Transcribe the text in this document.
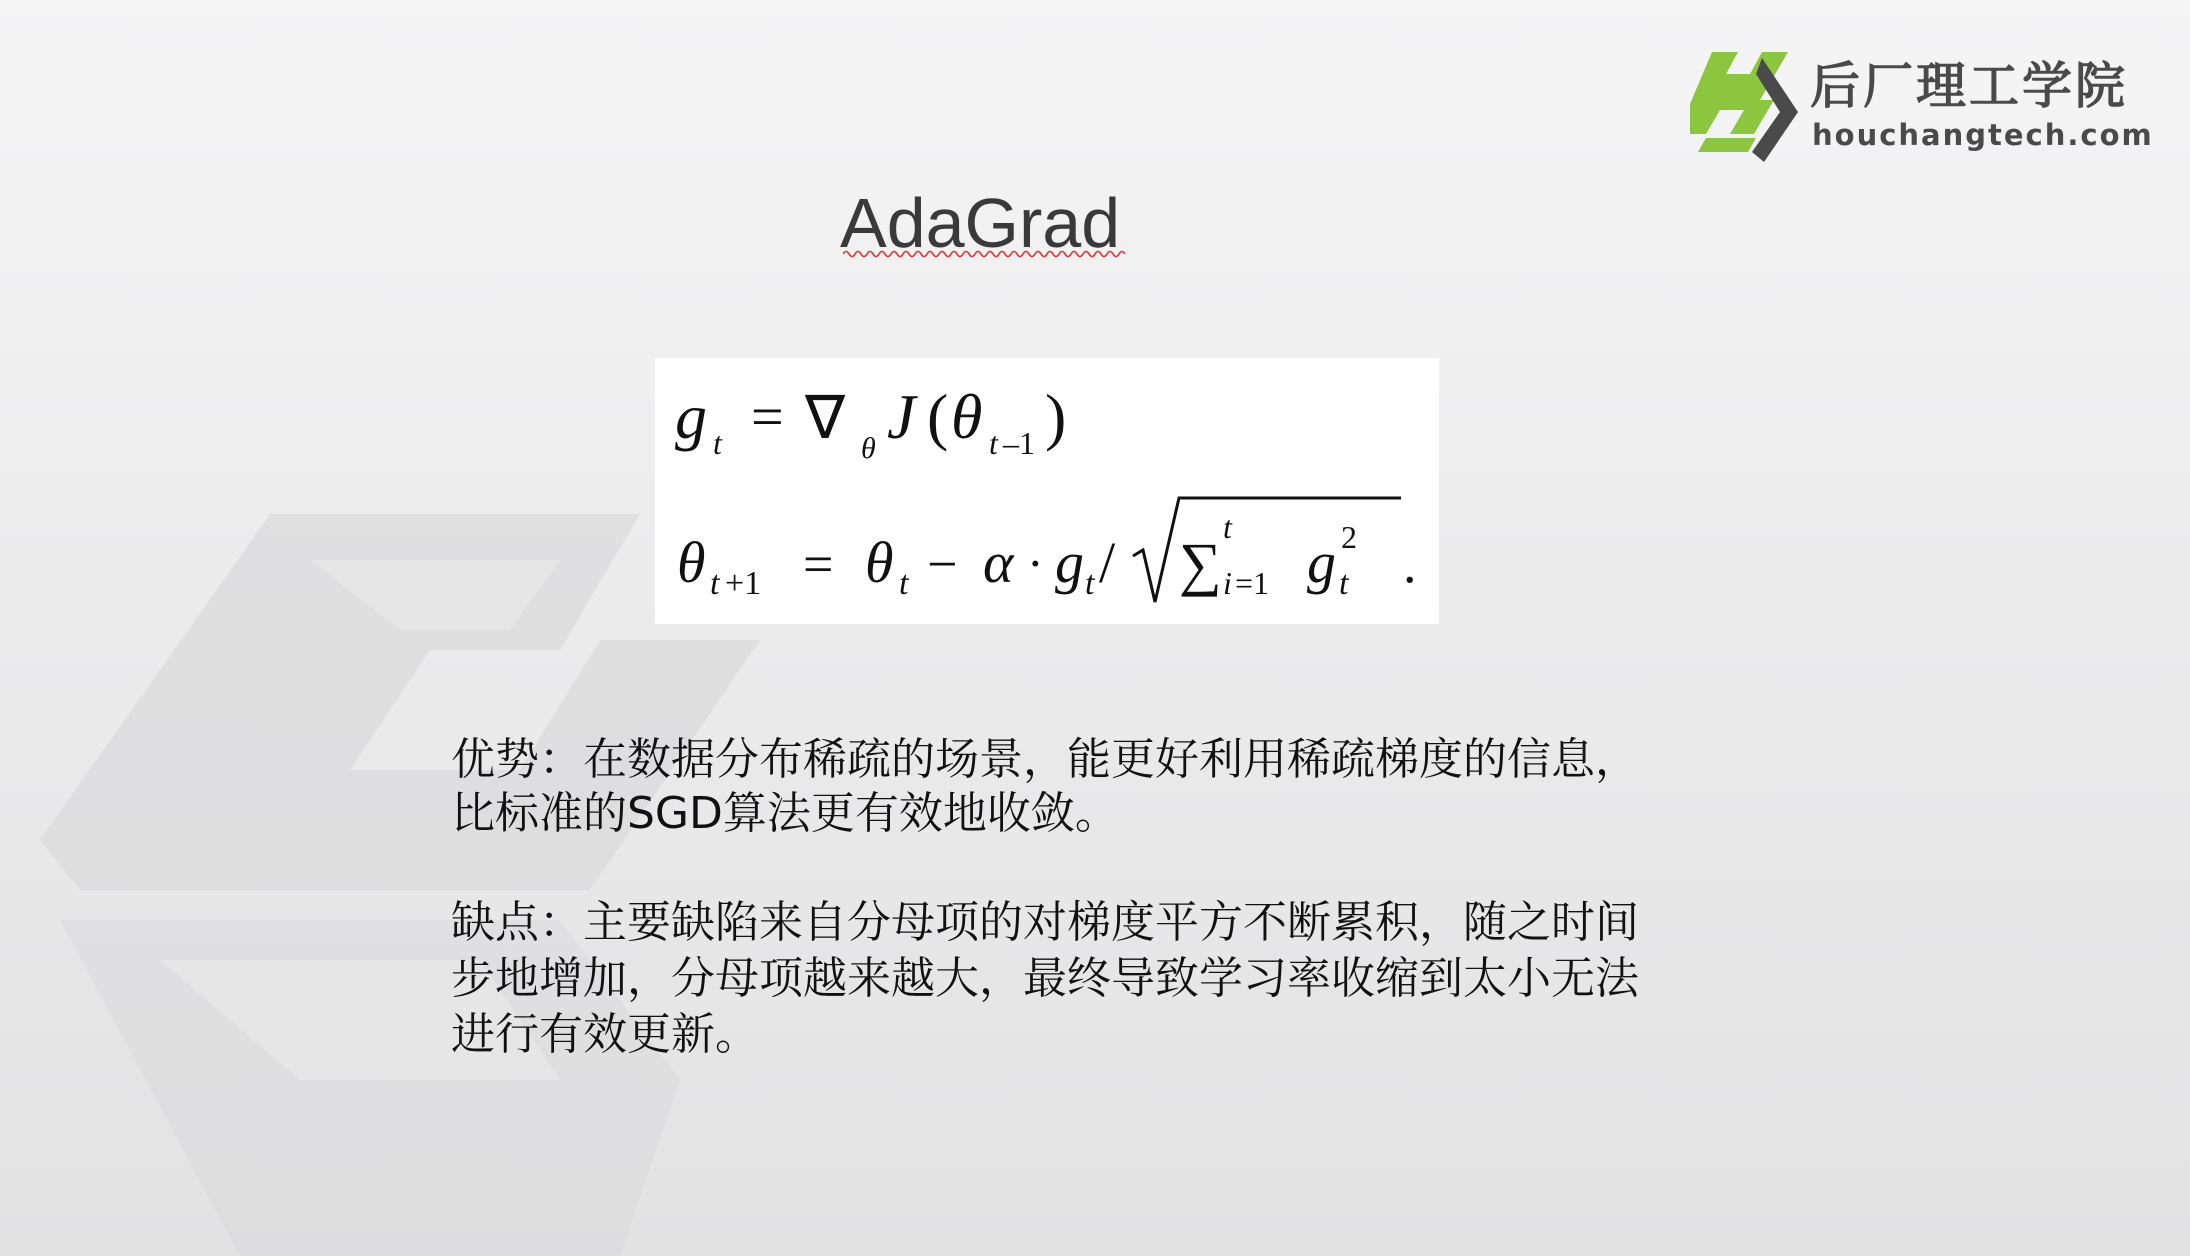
后厂理工学院
houchangtech.com
AdaGrad
g t = ∇ θ J ( θ t –1 )
θ t +1 = θ t − α · g t / ∑
t
i =1 g 2
t .
优势：在数据分布稀疏的场景，能更好利用稀疏梯度的信息，
比标准的SGD算法更有效地收敛。
缺点：主要缺陷来自分母项的对梯度平方不断累积，随之时间
步地增加，分母项越来越大，最终导致学习率收缩到太小无法
进行有效更新。
